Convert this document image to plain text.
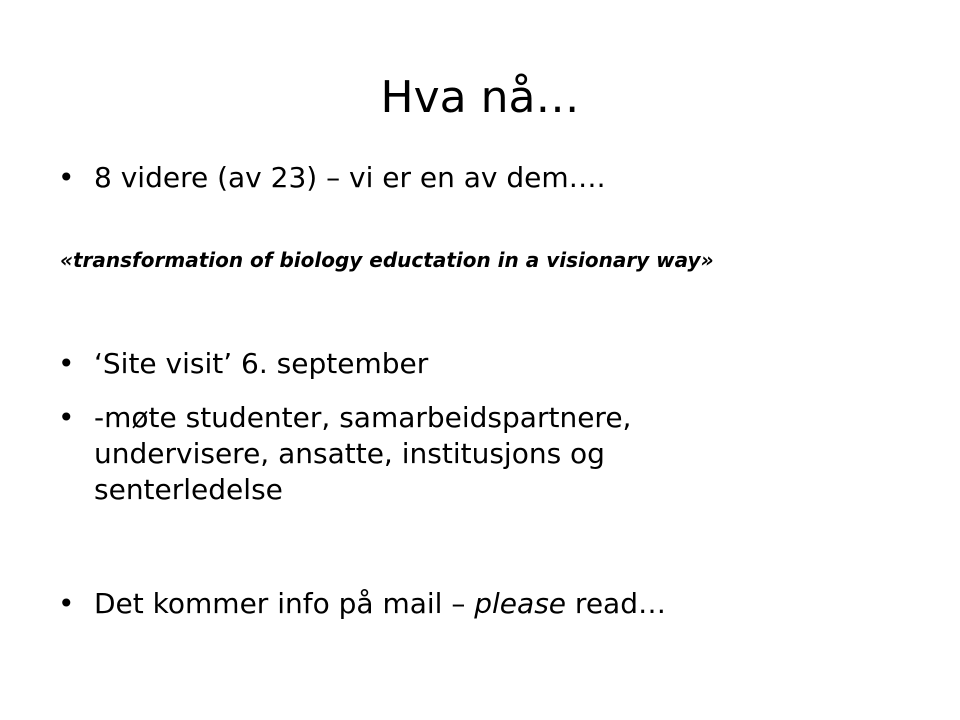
Hva nå…
• 8 videre (av 23) – vi er en av dem….
«transformation of biology eductation in a visionary way»
• ‘Site visit’ 6. september
• -møte studenter, samarbeidspartnere, undervisere, ansatte, institusjons og senterledelse
• Det kommer info på mail – please read…
